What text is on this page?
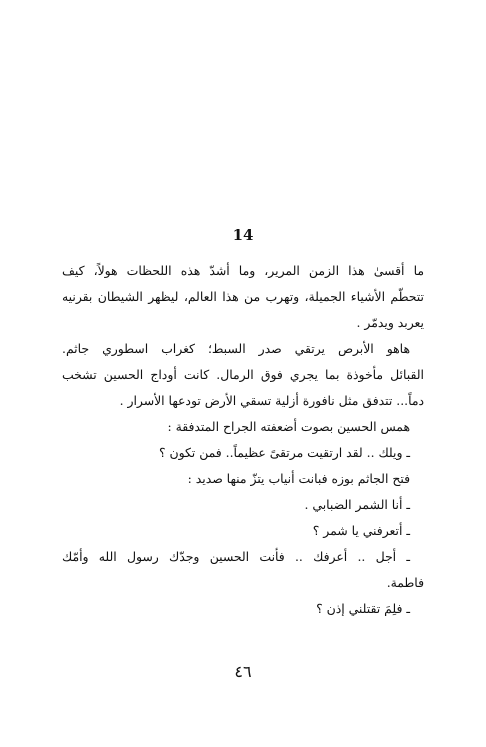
14
ما أقسىٰ هذا الزمن المرير، وما أشدّ هذه اللحظات هولاً، كيف
تتحطّم الأشياء الجميلة، وتهرب من هذا العالم، ليظهر الشيطان بقرنيه
يعربد ويدمّر .
هاهو الأبرص يرتقي صدر السبط؛ كغراب اسطوري جاثم.
القبائل مأخوذة بما يجري فوق الرمال. كانت أوداج الحسين تشخب
دماً... تتدفق مثل نافورة أزلية تسقي الأرض تودعها الأسرار .
همس الحسين بصوت أضعفته الجراح المتدفقة :
ـ ويلك .. لقد ارتقيت مرتقىً عظيماً.. فمن تكون ؟
فتح الجاثم بوزه فبانت أنياب يتزّ منها صديد :
ـ أنا الشمر الضبابي .
ـ أتعرفني يا شمر ؟
ـ أجل .. أعرفك .. فأنت الحسين وجدّك رسول الله وأمّك
فاطمة.
ـ فلِمَ تقتلني إذن ؟
٤٦
